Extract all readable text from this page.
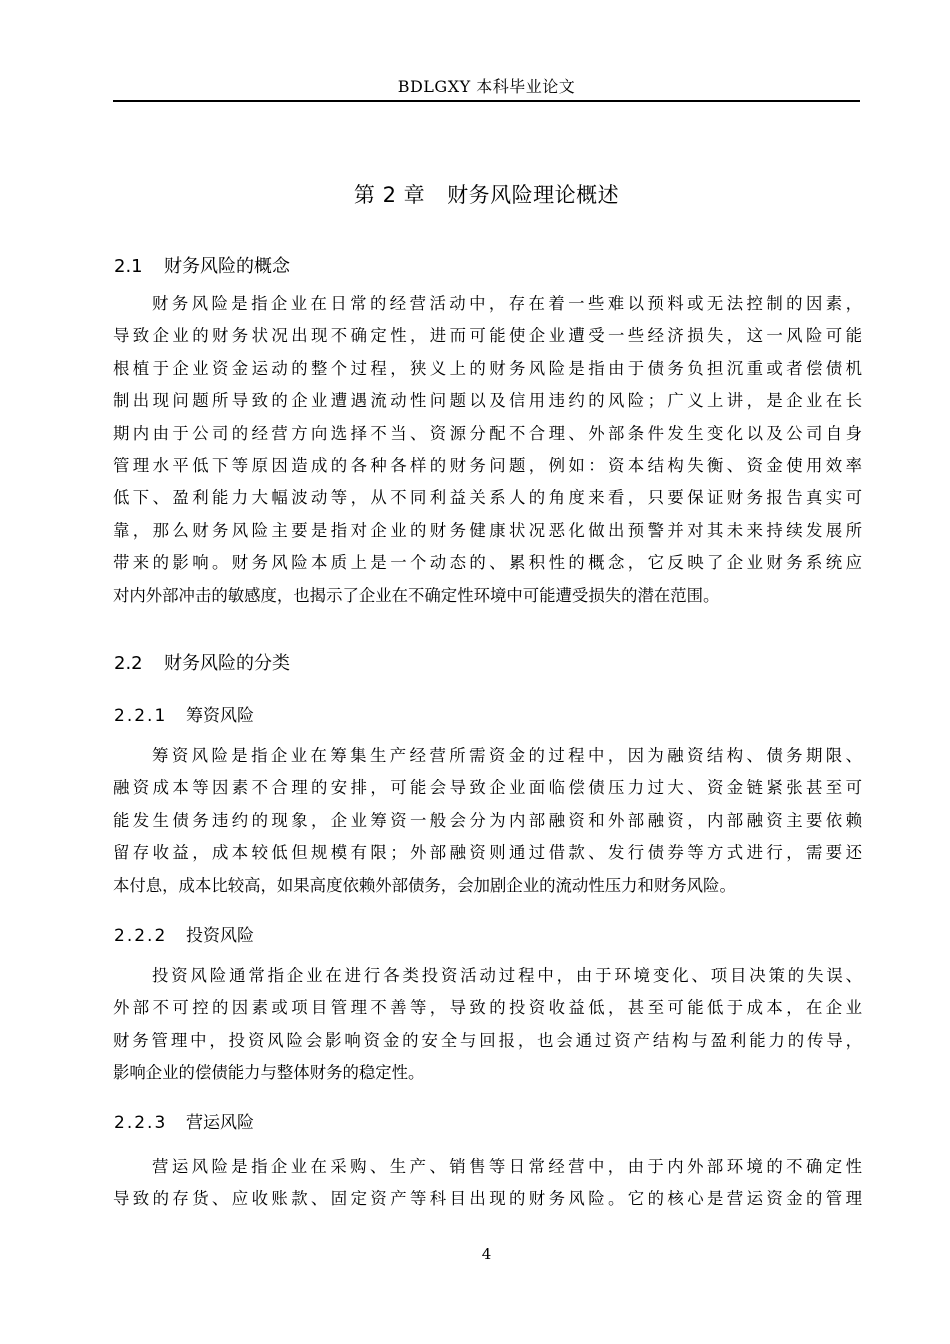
BDLGXY 本科毕业论文
第 2 章 财务风险理论概述
2.1 财务风险的概念
财务风险是指企业在日常的经营活动中，存在着一些难以预料或无法控制的因素，
导致企业的财务状况出现不确定性，进而可能使企业遭受一些经济损失，这一风险可能
根植于企业资金运动的整个过程，狭义上的财务风险是指由于债务负担沉重或者偿债机
制出现问题所导致的企业遭遇流动性问题以及信用违约的风险；广义上讲，是企业在长
期内由于公司的经营方向选择不当、资源分配不合理、外部条件发生变化以及公司自身
管理水平低下等原因造成的各种各样的财务问题，例如：资本结构失衡、资金使用效率
低下、盈利能力大幅波动等，从不同利益关系人的角度来看，只要保证财务报告真实可
靠，那么财务风险主要是指对企业的财务健康状况恶化做出预警并对其未来持续发展所
带来的影响。财务风险本质上是一个动态的、累积性的概念，它反映了企业财务系统应
对内外部冲击的敏感度，也揭示了企业在不确定性环境中可能遭受损失的潜在范围。
2.2 财务风险的分类
2.2.1 筹资风险
筹资风险是指企业在筹集生产经营所需资金的过程中，因为融资结构、债务期限、
融资成本等因素不合理的安排，可能会导致企业面临偿债压力过大、资金链紧张甚至可
能发生债务违约的现象，企业筹资一般会分为内部融资和外部融资，内部融资主要依赖
留存收益，成本较低但规模有限；外部融资则通过借款、发行债券等方式进行，需要还
本付息，成本比较高，如果高度依赖外部债务，会加剧企业的流动性压力和财务风险。
2.2.2 投资风险
投资风险通常指企业在进行各类投资活动过程中，由于环境变化、项目决策的失误、
外部不可控的因素或项目管理不善等，导致的投资收益低，甚至可能低于成本，在企业
财务管理中，投资风险会影响资金的安全与回报，也会通过资产结构与盈利能力的传导，
影响企业的偿债能力与整体财务的稳定性。
2.2.3 营运风险
营运风险是指企业在采购、生产、销售等日常经营中，由于内外部环境的不确定性
导致的存货、应收账款、固定资产等科目出现的财务风险。它的核心是营运资金的管理
4
